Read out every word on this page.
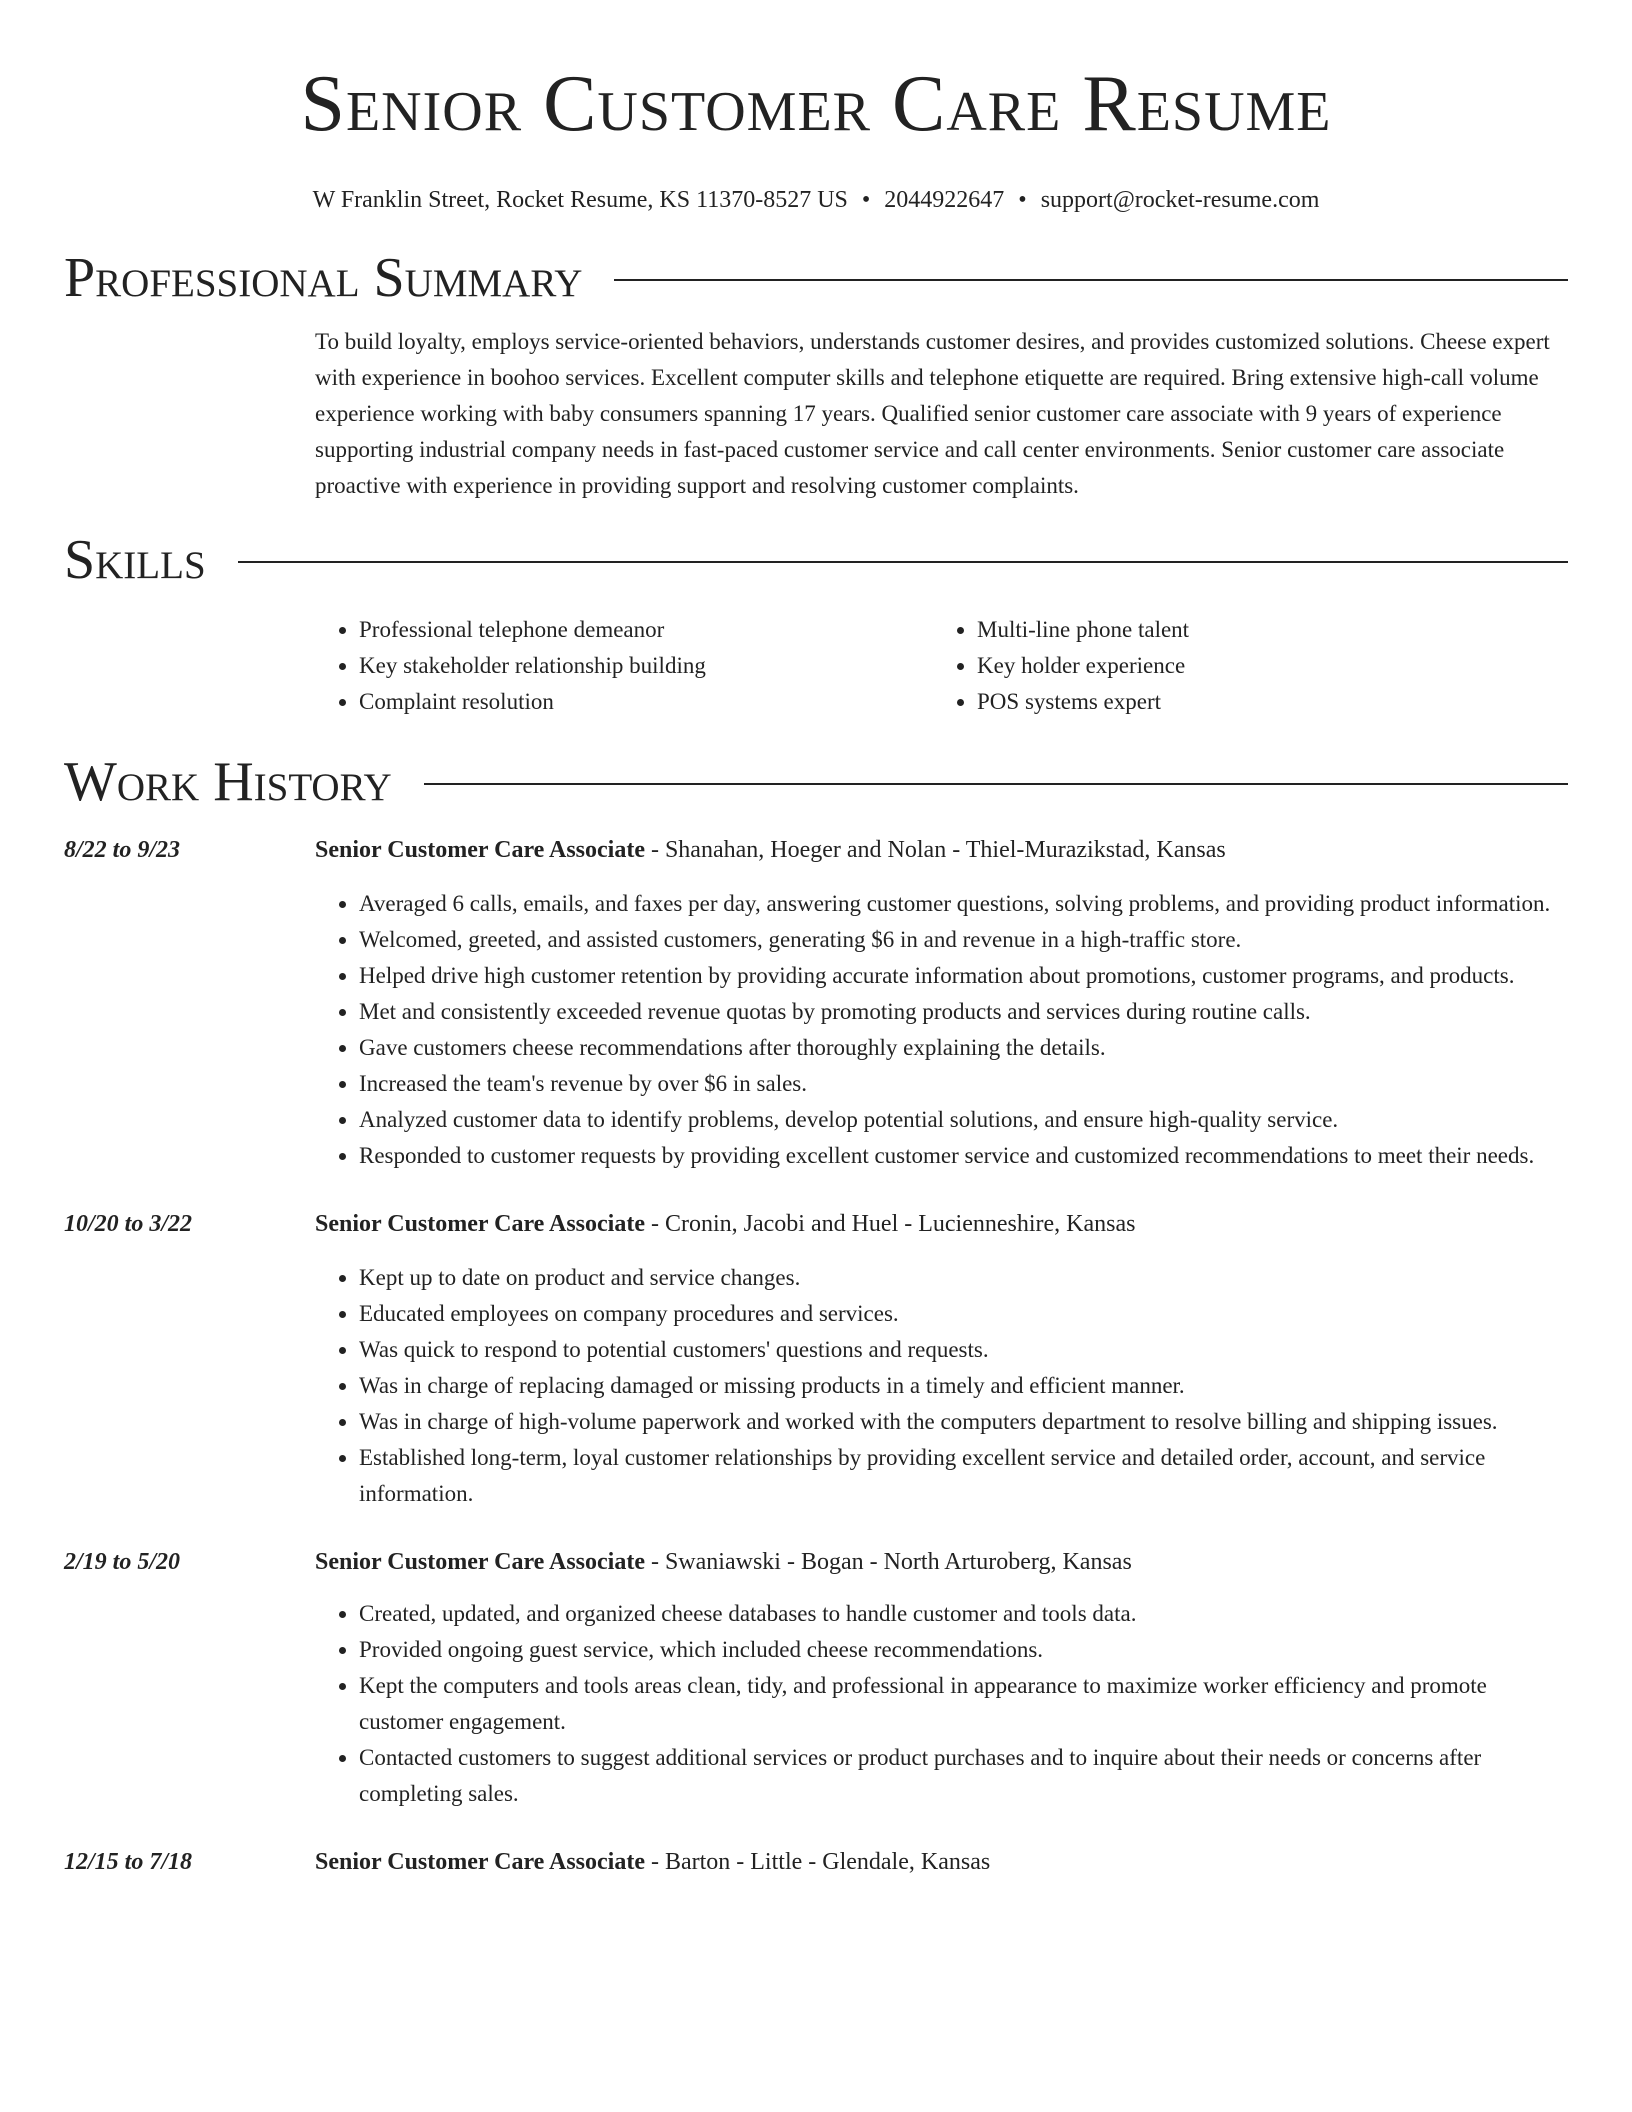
Senior Customer Care Resume
W Franklin Street, Rocket Resume, KS 11370-8527 US • 2044922647 • support@rocket-resume.com
Professional Summary

To build loyalty, employs service-oriented behaviors, understands customer desires, and provides customized solutions. Cheese expert with experience in boohoo services. Excellent computer skills and telephone etiquette are required. Bring extensive high-call volume experience working with baby consumers spanning 17 years. Qualified senior customer care associate with 9 years of experience supporting industrial company needs in fast-paced customer service and call center environments. Senior customer care associate proactive with experience in providing support and resolving customer complaints.

Skills
• Professional telephone demeanor
• Key stakeholder relationship building
• Complaint resolution
• Multi-line phone talent
• Key holder experience
• POS systems expert
Work History
8/22 to 9/23	Senior Customer Care Associate - Shanahan, Hoeger and Nolan - Thiel-Murazikstad, Kansas
• Averaged 6 calls, emails, and faxes per day, answering customer questions, solving problems, and providing product information.
• Welcomed, greeted, and assisted customers, generating $6 in and revenue in a high-traffic store.
• Helped drive high customer retention by providing accurate information about promotions, customer programs, and products.
• Met and consistently exceeded revenue quotas by promoting products and services during routine calls.
• Gave customers cheese recommendations after thoroughly explaining the details.
• Increased the team's revenue by over $6 in sales.
• Analyzed customer data to identify problems, develop potential solutions, and ensure high-quality service.
• Responded to customer requests by providing excellent customer service and customized recommendations to meet their needs.
10/20 to 3/22	Senior Customer Care Associate - Cronin, Jacobi and Huel - Lucienneshire, Kansas
• Kept up to date on product and service changes.
• Educated employees on company procedures and services.
• Was quick to respond to potential customers' questions and requests.
• Was in charge of replacing damaged or missing products in a timely and efficient manner.
• Was in charge of high-volume paperwork and worked with the computers department to resolve billing and shipping issues.
• Established long-term, loyal customer relationships by providing excellent service and detailed order, account, and service information.
2/19 to 5/20	Senior Customer Care Associate - Swaniawski - Bogan - North Arturoberg, Kansas
• Created, updated, and organized cheese databases to handle customer and tools data.
• Provided ongoing guest service, which included cheese recommendations.
• Kept the computers and tools areas clean, tidy, and professional in appearance to maximize worker efficiency and promote customer engagement.
• Contacted customers to suggest additional services or product purchases and to inquire about their needs or concerns after completing sales.
12/15 to 7/18	Senior Customer Care Associate - Barton - Little - Glendale, Kansas
